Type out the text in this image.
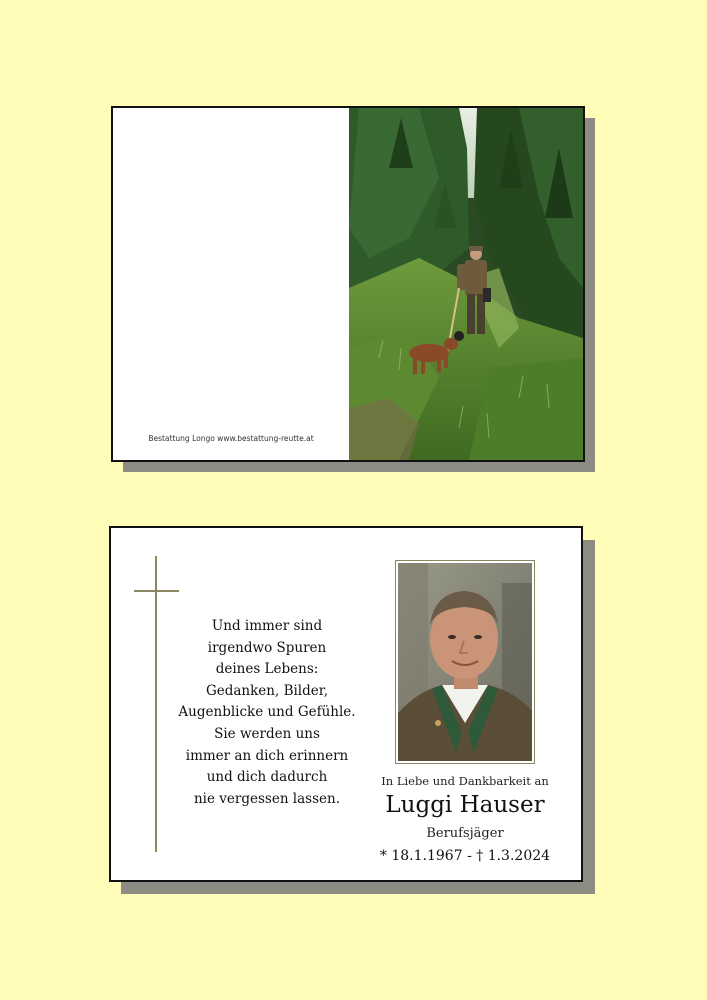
Bestattung Longo www.bestattung-reutte.at
Und immer sind
irgendwo Spuren
deines Lebens:
Gedanken, Bilder,
Augenblicke und Gefühle.
Sie werden uns
immer an dich erinnern
und dich dadurch
nie vergessen lassen.
In Liebe und Dankbarkeit an
Luggi Hauser
Berufsjäger
* 18.1.1967 - † 1.3.2024
